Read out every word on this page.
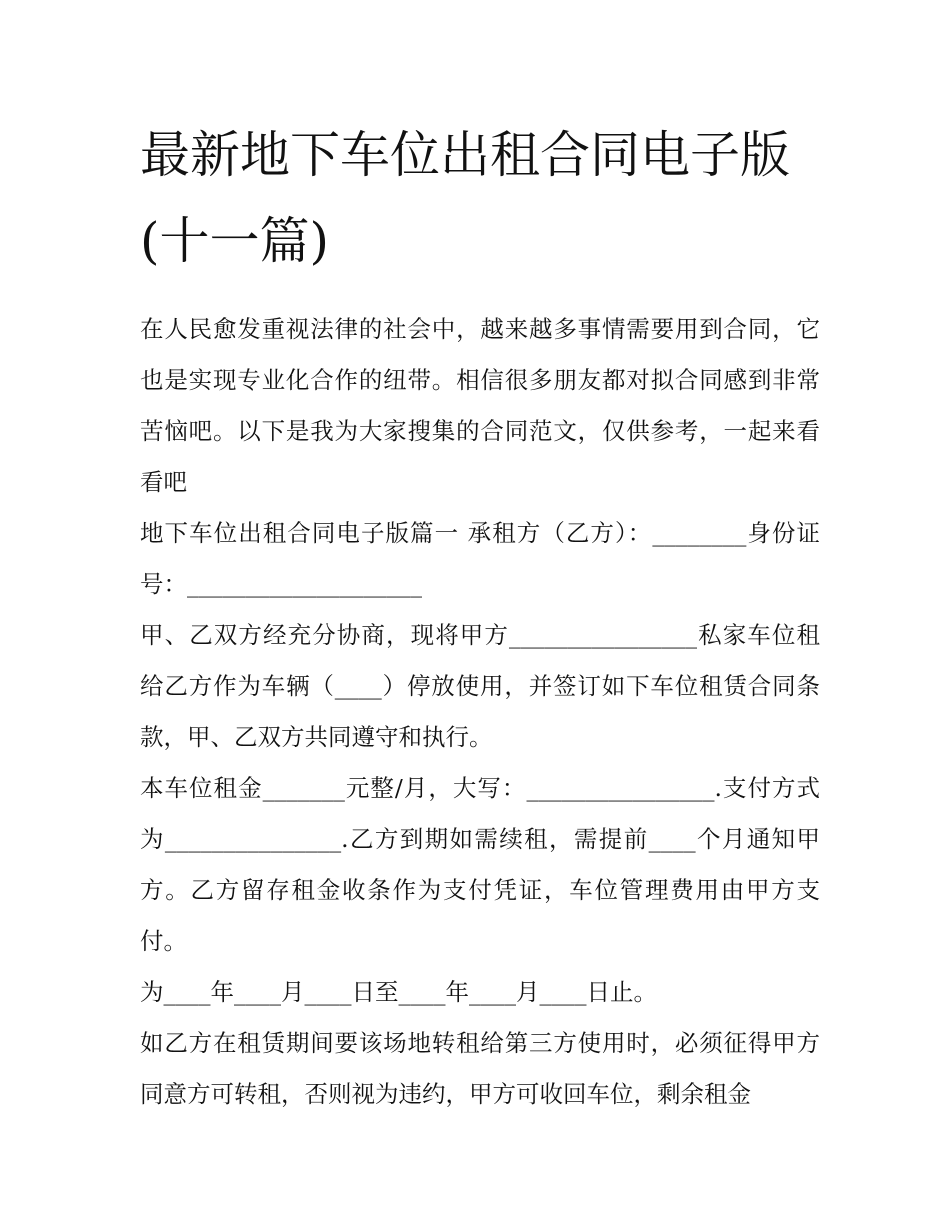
最新地下车位出租合同电子版(十一篇)

在人民愈发重视法律的社会中，越来越多事情需要用到合同，它也是实现专业化合作的纽带。相信很多朋友都对拟合同感到非常苦恼吧。以下是我为大家搜集的合同范文，仅供参考，一起来看看吧

地下车位出租合同电子版篇一 承租方（乙方）：________身份证号：____________________

甲、乙双方经充分协商，现将甲方________________私家车位租给乙方作为车辆（____）停放使用，并签订如下车位租赁合同条款，甲、乙双方共同遵守和执行。

本车位租金_______元整/月，大写：________________.支付方式为_______________.乙方到期如需续租，需提前____个月通知甲方。乙方留存租金收条作为支付凭证，车位管理费用由甲方支付。

为____年____月____日至____年____月____日止。

如乙方在租赁期间要该场地转租给第三方使用时，必须征得甲方同意方可转租，否则视为违约，甲方可收回车位，剩余租金
